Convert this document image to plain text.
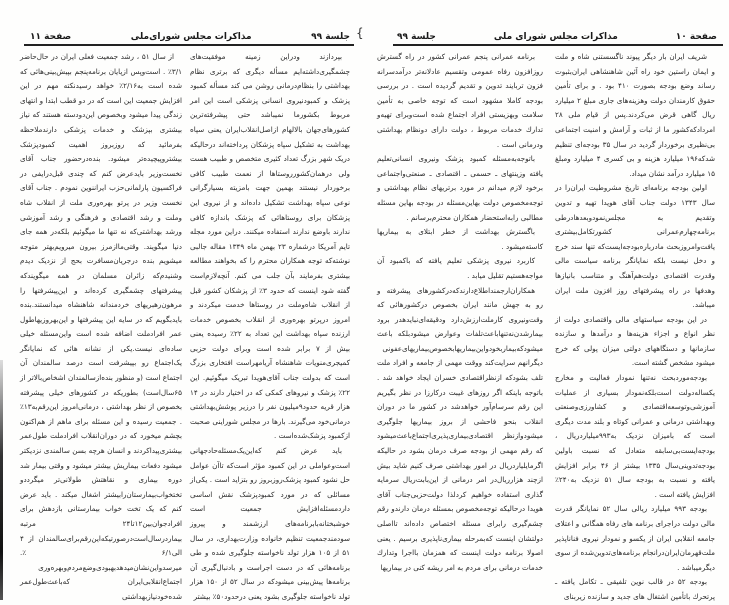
جلسة ۹۹
مذاکرات مجلس شورای‌ملی
صفحة ۱۱

بپردازند ودراین زمینه موفقیت‌های چشمگیری‌داشته‌ایم مسأله دیگری که برتری نظام بهداشتی را بنظام‌درمانی روشن می کند مسأله کمبود پزشک و کمبودنیروی انسانی پزشکی است این امر مربوط بکشورما نمیباشد حتی پیشرفته‌ترین کشورهای‌جهان بالالهام ازاصل‌انقلاب‌ایران یعنی سپاه بهداشت به تشکیل سپاه پزشکان پرداخته‌اند درحالیکه دریک شهر بزرگ تعداد کثیری متخصص و طبیب هست ولی درهمان‌کشورروستاها از نعمت طبیب کافی برخوردار نیستند بهمین جهت بامزیته بسیارگرانی نوعی سپاه بهداشت تشکیل داده‌اند و از نیروی این پزشکان برای روستاهائی که پزشک باندازه کافی ندارند باوضع ندارند استفاده میکنند. دراین مورد مجله تایم آمریکا درشماره ۲۳ بهمن ماه ۱۳۴۹ مقاله جالبی نوشته‌که توجه همکاران محترم را که بخواهند مطالعه بیشتری بفرمایند بآن جلب می کنم. آنچه‌لازم‌است گفته شود اینست که حدود ۳٪ از پزشکان کشور قبل از انقلاب شاه‌وملت در روستاها خدمت میکردند و امروز درپرتو بهره‌وری از انقلاب بخصوص خدمات ارزنده سپاه بهداشت این تعداد به ۲۲٪ رسیده یعنی بیش از ۷ برابر شده است وبرای دولت حزبی کمیجری‌منویات شاهنشاه آریامهراست افتخاری بزرگ است که بدولت جناب آقای‌هویدا تبریک میگوئیم. این ۲۲٪ پزشک و نیروهای کمکی که در اختیار دارند در ۱۴ هزار قریه حدود۹میلیون نفر را درزیر پوشش‌بهداشتی درمانی‌خود می‌گیرند. بارها در مجلس شوراینی صحبت ازکمبود پزشک‌شده‌است .

باید عرض کنم که‌این‌یک‌مسئله‌حادجهانی است‌وعواملی در این کمبود مؤثر است‌که تاآن عوامل حل نشود کمبود پزشک‌روزبروز رو بتزاید است . یکی‌از مسائلی که در مورد کمبودپزشک نقش اساسی داردمسئله‌افزایش جمعیت است خوشبختانه‌بابرنامه‌های ارزشمند و پیروز سودمندجمعیت تنظیم خانواده وزارت‌بهداری، در سال ۵۱ از ۱۰۵ هزار تولد ناخواسته جلوگیری شده و طی برنامه‌هائی که در دست اجراست و بادنبال‌گیری آن برنامه‌ها پیش‌بینی میشودکه در سال ۵۲ از ۱۵۰ هزار تولد ناخواسته جلوگیری بشود یعنی درحدود۵۰٪ بیشتر

از سال ۵۱ ، رشد جمعیت فعلی ایران در حال‌حاضر ۳/۱٪ . است‌وپس ازپایان برنامه‌پنجم بپیش‌بینی‌هائی که شده است به‌۲/۱۶٪ خواهد رسیدنکته مهم در این افزایش جمعیت این است که در دو قطب ابتدا و انتهای زندگی پیدا میشود وبخصوص این‌دودسته هستند که نیاز بیشتری بپزشک و خدمات پزشکی دارندملاحظه بفرمائید که روزبروز اهمیت کمبودپزشک بیشتروپیچیده‌تر میشود. بنده‌درحضور جناب آقای نخست‌وزیر بایدعرض کنم که چندی قبل‌درایفی در فراکسیون پارلمانی‌حزب ایراننوین نمودم . جناب آقای نخست وزیر در پرتو بهره‌وری ملت از انقلاب شاه وملت و رشد اقتصادی و فرهنگی و رشد آموزشی ورشد بهداشتی‌که نه تنها ما میگوئیم بلکه‌در همه جای دنیا میگویند. وقتی‌ماازمرز بیرون میرویم‌بهتر متوجه میشویم بنده درجریان‌مسافرت بحج از نزدیک دیدم وشنیدم‌که زائران مسلمان ‌در همه میگویند‌که پیشرفتهای چشمگیری کرده‌اند و این‌پیشرفتها را مرهون‌رهبریهای خردمندانه شاهنشاه میدانستند.بنده بایدبگویم که در سایه این پیشرفتها و این‌بهروزیها‌طول عمر افراد‌ملت اضافه شده است واین‌مسئله خیلی ساده‌ای نیست.یکی از نشانه هائی که نمایانگر یک‌اجتماع رو بپیشرفت است درصد سالمندان آن اجتماع است (و منظور بنده‌ازسالمندان اشخاص‌بالاتر از ۶۵سال‌است) بطوریکه در کشورهای خیلی پیشرفته بخصوص از نظر بهداشتی ، درمانی‌امروز این‌رقم‌به۱۳٪ . جمعیت رسیده و این مسئله برای ماهم از هم‌اکنون بچشم میخورد که در دوران‌انقلاب افراد‌ملت طول‌عمر بیشتری‌پیداکردند و انسان هرچه بسن سالمندی نزدیکتر میشود دفعات بیماریش بیشتر میشود و وقتی بیمار شد دوره بیماری و نقاهتش طولانی‌تر میگرددو تختخواب‌بیمارستان‌رابیشتر اشغال میکند . باید عرض کنم که یک تخت خواب بیمارستانی بازدهش برای افرادجوان‌بین۱۲تا۲۴ مرتبه بیماردرسال‌است‌درصورتیکه‌این‌رقم‌برای‌سالمندان از ۴ الی۶/۱ ٪. میرسدواین‌نشان‌میدهدبهبودی‌وضع‌مردم‌وبهره‌وری اجتماع‌انقلابی‌ایران که‌باعث‌طول‌عمر شده‌خودنیاز‌بهداشتی

{	صفحة ۱۰
مذاکرات مجلس شورای ملی
جلسة ۹۹

شریف ایران بار دیگر پیوند ناگسستنی شاه و ملت و ایمان راستین خود راه آئین شاهنشاهی ایران‌بثبوت رساند وضع بودجه بصورت ۴۱۰ بود . و برای تأمین حقوق کارمندان دولت وهزینه‌های جاری مبلغ ۲ میلیارد ریال گاهی قرض می‌کردند.پس از قیام ملی ۲۸ امرداد‌که‌کشور ما از ثبات و آرامش و امنیت اجتماعی بی‌نظیری برخوردار گردید در سال ۳۵ بودجه‌ای تنظیم شد‌که۱۹۶ میلیارد هزینه و بی کسری ۴ میلیارد ومبلغ ۱۵ میلیارد درآمد نشان میداد.

اولین بودجه برنامه‌ای تاریخ مشروطیت ایران‌را در سال ۱۳۴۳ دولت جناب آقای هویدا تهیه و تدوین وتقدیم به مجلس‌نمودوبعدها‌درطی برنامه‌چهارم‌عمرانی کشورتکامل‌بیشتری یافت‌وامروز‌بحث ما‌در‌باره‌بودجه‌ایست‌که تنها سند خرج و دخل نیست بلکه نمایانگر برنامه سیاست مالی وقدرت اقتصادی دولت‌هم‌آهنگ و متناسب بانیازها وهدفها در راه پیشرفتهای روز افزون ملت ایران میباشد.

در این بودجه سیاستهای مالی واقتصادی دولت از نظر انواع و اجزاء هزینه‌ها و درآمدها و سازنده سازمانها و دستگاههای دولتی میزان پولی که خرج میشود مشخص گشته است.

بودجه‌موردبحث نه‌تنها نمودار فعالیت و مخارج یکساله‌دولت است‌بلکه‌نمودار بسیاری از عملیات آموزشی‌وتوسعه‌اقتصادی و کشاورزی‌وصنعتی وبهداشتی درمانی و عمرانی کوتاه و بلند مدت دیگری است که بامیزان نزدیک به۹۹۳میلیاردریال ، بودجه‌ایست‌بی‌سابقه متعادل که نسبت باولین بودجه‌تدوینی‌سال ۱۳۳۵ بیشتر از ۴۶ برابر افزایش یافته و نسبت به بودجه سال ۵۱ نزدیک به۲۴۰٪ افزایش یافته است .

بودجه ۹۹۳ میلیارد ریالی سال ۵۲ نمایانگر قدرت مالی دولت دراجرای برنامه های رفاه همگانی و اعتلای جامعه انقلابی ایران از یکسو و نمودار نیروی فناناپذیر ملت‌قهرمان‌ایران‌درانجام برنامه‌های‌تدوین‌شده از سوی دیگرمیباشد .

بودجه ۵۲ در قالب نوین تلفیقی ـ تکامل یافته ـ پرتحرك باتأمین اشتغال های جدید و سازنده زیربنای

برنامه عمرانی پنجم عمرانی کشور در راه گسترش روزافزون رفاه عمومی وتقسیم عادلانه‌تر درآمدسرانه فزون تربایند تدوین و تقدیم گردیده است . در بررسی بودجه کاملا مشهود است که توجه خاصی به تأمین سلامت وبهزیستی افراد اجتماع شده است‌وبرای تهیه‌و تدارك خدمات مربوط ، دولت دارای دونظام بهداشتی ودرمانی است .

باتوجه‌به‌مسئله کمبود پزشک ونیروی انسانی‌تعلیم یافته وزینتهای ـ حسمی ـ اقتصادی ـ صنعتی‌واجتماعی برخود لازم میدانم در مورد برتریهای نظام بهداشتی و توجه‌مخصوص دولت بهاین‌مسئله در بودجه بهاین مسئله مطالبی رابه‌استحضار همکاران محترم‌برسانم .

باگسترش بهداشت از خطر ابتلای به بیماریها کاسته‌میشود .

کاربرد نیروی پزشکی تعلیم یافته که باکمبود آن مواجه‌هستیم تقلیل میابد .

همکاران‌ارجمنداطلاع‌دارندکه‌درکشورهای پیشرفته و رو به جهش مانند ایران بخصوص درکشورهائی که وقت‌ونیروی کار‌ملت‌ارزش‌دارد ودقیقه‌ای‌نباید‌هدر برود بیمارشدن‌نه‌تنها‌باعث‌تلفات وعوارض میشودبلکه باعث میشود‌که‌بیمار‌بخودواین‌بیماریها‌بخصوص‌بیماریهای‌عفونی دیگرانهم سرایت‌کند ووقت مهمی از جامعه و افراد ملت تلف بشودکه ازنظراقتصادی خسران ایجاد خواهد شد . باتوجه باینکه اگر روزهای غیبت درکارزا در نظر بگیریم این رقم سرسام‌آور خواهدشد در کشور ما در دوران انقلاب بنحو فاحشی از بروز بیماریها جلوگیری میشودوازنظر اقتصادی‌بیماری‌پذیری‌اجتماع‌باعث‌میشود که رقم مهمی از بودجه صرف درمان بشود در حالیکه اگرمایلیاردریال در امور بهداشتی صرف کنیم شاید بیش ازچند هزارریال‌در امر درمانی از این‌بابت‌ریال سرمایه گذاری استفاده خواهیم کردلذا دولت‌حزبی‌جناب آقای هویدا درحالیکه توجه‌مخصوص بمسئله درمان دارندو رقم چشم‌گیری رابرای مسئله اختصاص داده‌اند تااصلی دولتشان اینست که‌بمرحله بیماری‌ناپذیری برسیم . یعنی اصولا برنامه دولت اینست که همزمان بااجرا وتدارك خدمات درمانی برای مردم به امر ریشه کنی در بیماریها
